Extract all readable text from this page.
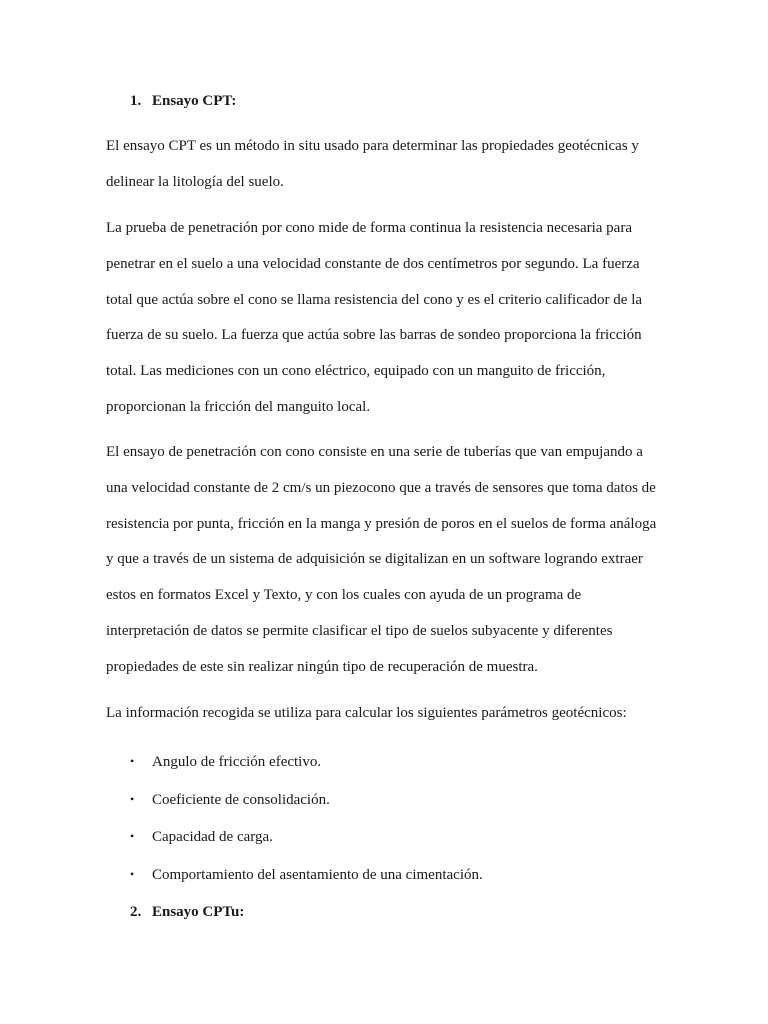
1. Ensayo CPT:
El ensayo CPT es un método in situ usado para determinar las propiedades geotécnicas y
delinear la litología del suelo.
La prueba de penetración por cono mide de forma continua la resistencia necesaria para
penetrar en el suelo a una velocidad constante de dos centímetros por segundo. La fuerza
total que actúa sobre el cono se llama resistencia del cono y es el criterio calificador de la
fuerza de su suelo. La fuerza que actúa sobre las barras de sondeo proporciona la fricción
total. Las mediciones con un cono eléctrico, equipado con un manguito de fricción,
proporcionan la fricción del manguito local.
El ensayo de penetración con cono consiste en una serie de tuberías que van empujando a
una velocidad constante de 2 cm/s un piezocono que a través de sensores que toma datos de
resistencia por punta, fricción en la manga y presión de poros en el suelos de forma análoga
y que a través de un sistema de adquisición se digitalizan en un software logrando extraer
estos en formatos Excel y Texto, y con los cuales con ayuda de un programa de
interpretación de datos se permite clasificar el tipo de suelos subyacente y diferentes
propiedades de este sin realizar ningún tipo de recuperación de muestra.
La información recogida se utiliza para calcular los siguientes parámetros geotécnicos:
• Angulo de fricción efectivo.
• Coeficiente de consolidación.
• Capacidad de carga.
• Comportamiento del asentamiento de una cimentación.
2. Ensayo CPTu:
